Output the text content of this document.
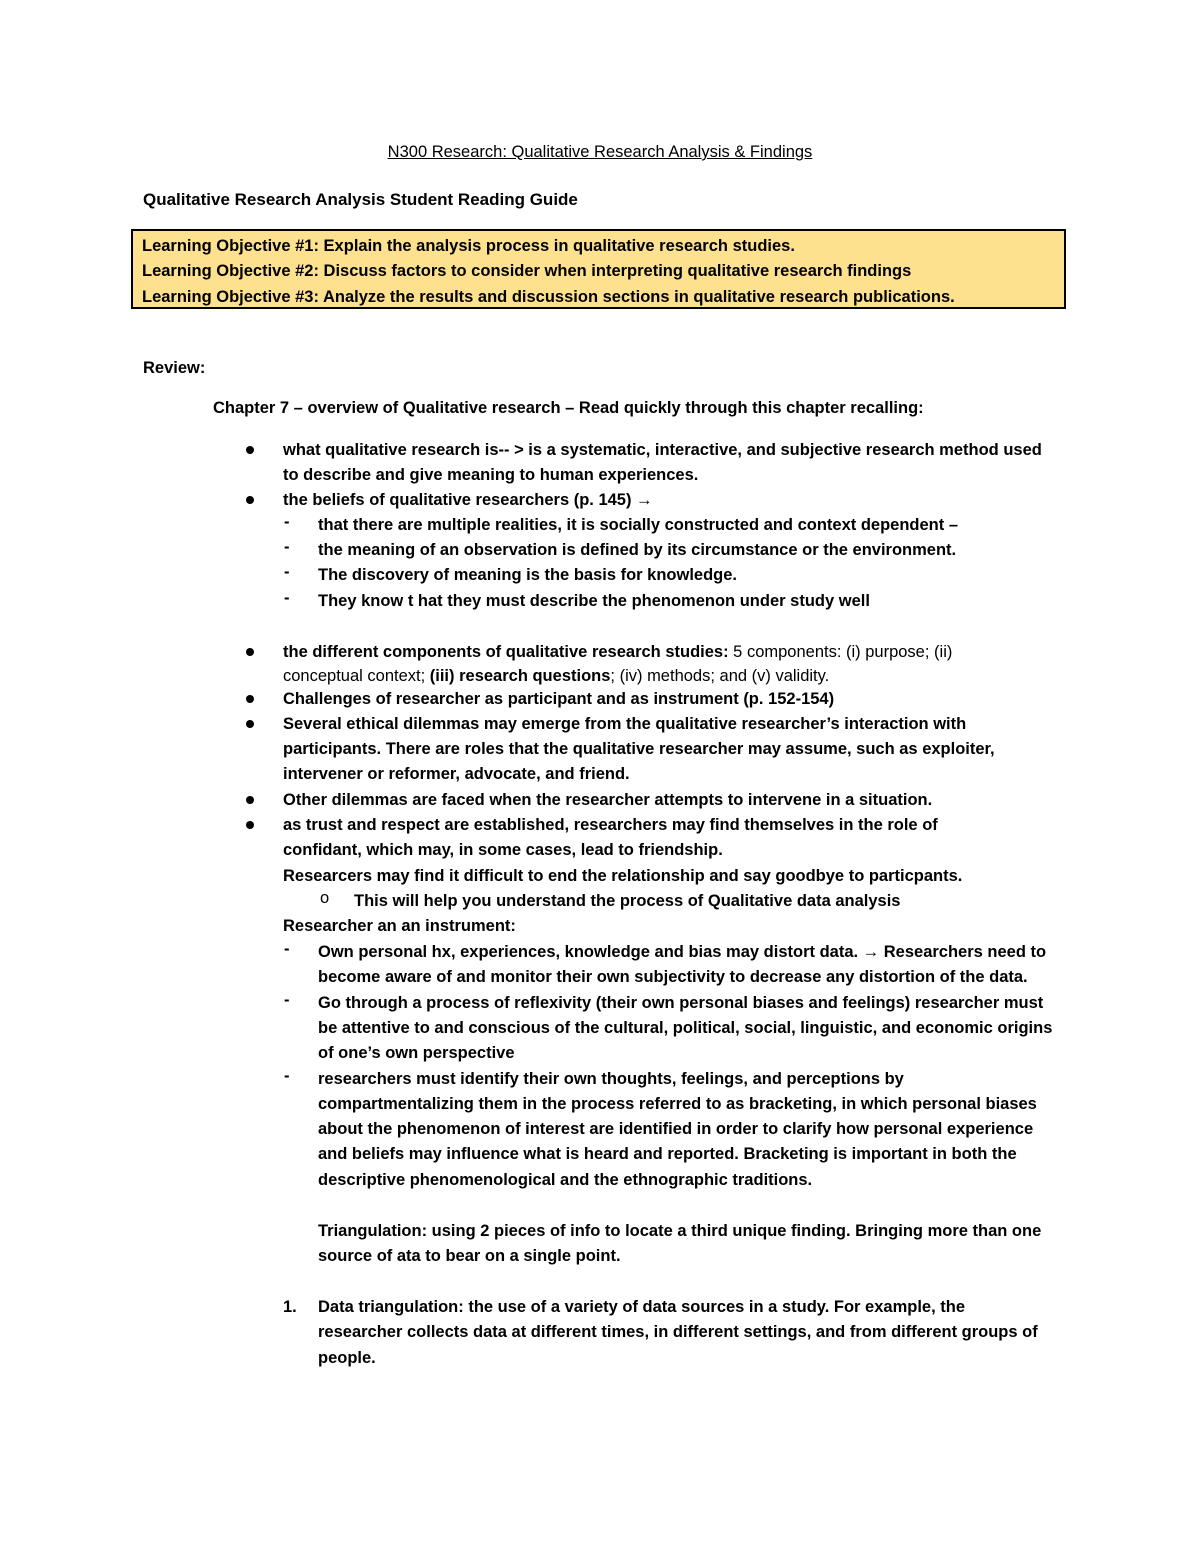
N300 Research: Qualitative Research Analysis & Findings
Qualitative Research Analysis Student Reading Guide
Learning Objective #1: Explain the analysis process in qualitative research studies.
Learning Objective #2: Discuss factors to consider when interpreting qualitative research findings
Learning Objective #3: Analyze the results and discussion sections in qualitative research publications.
Review:
Chapter 7 – overview of Qualitative research – Read quickly through this chapter recalling:
what qualitative research is-- > is a systematic, interactive, and subjective research method used
to describe and give meaning to human experiences.
the beliefs of qualitative researchers (p. 145) →
- that there are multiple realities, it is socially constructed and context dependent –
- the meaning of an observation is defined by its circumstance or the environment.
- The discovery of meaning is the basis for knowledge.
- They know t hat they must describe the phenomenon under study well
the different components of qualitative research studies: 5 components: (i) purpose; (ii)
conceptual context; (iii) research questions; (iv) methods; and (v) validity.
Challenges of researcher as participant and as instrument (p. 152-154)
Several ethical dilemmas may emerge from the qualitative researcher’s interaction with
participants. There are roles that the qualitative researcher may assume, such as exploiter,
intervener or reformer, advocate, and friend.
Other dilemmas are faced when the researcher attempts to intervene in a situation.
as trust and respect are established, researchers may find themselves in the role of
confidant, which may, in some cases, lead to friendship.
Researcers may find it difficult to end the relationship and say goodbye to particpants.
o This will help you understand the process of Qualitative data analysis
Researcher an an instrument:
- Own personal hx, experiences, knowledge and bias may distort data. → Researchers need to
become aware of and monitor their own subjectivity to decrease any distortion of the data.
- Go through a process of reflexivity (their own personal biases and feelings) researcher must
be attentive to and conscious of the cultural, political, social, linguistic, and economic origins
of one’s own perspective
- researchers must identify their own thoughts, feelings, and perceptions by
compartmentalizing them in the process referred to as bracketing, in which personal biases
about the phenomenon of interest are identified in order to clarify how personal experience
and beliefs may influence what is heard and reported. Bracketing is important in both the
descriptive phenomenological and the ethnographic traditions.
Triangulation: using 2 pieces of info to locate a third unique finding. Bringing more than one
source of ata to bear on a single point.
1. Data triangulation: the use of a variety of data sources in a study. For example, the
researcher collects data at different times, in different settings, and from different groups of
people.
